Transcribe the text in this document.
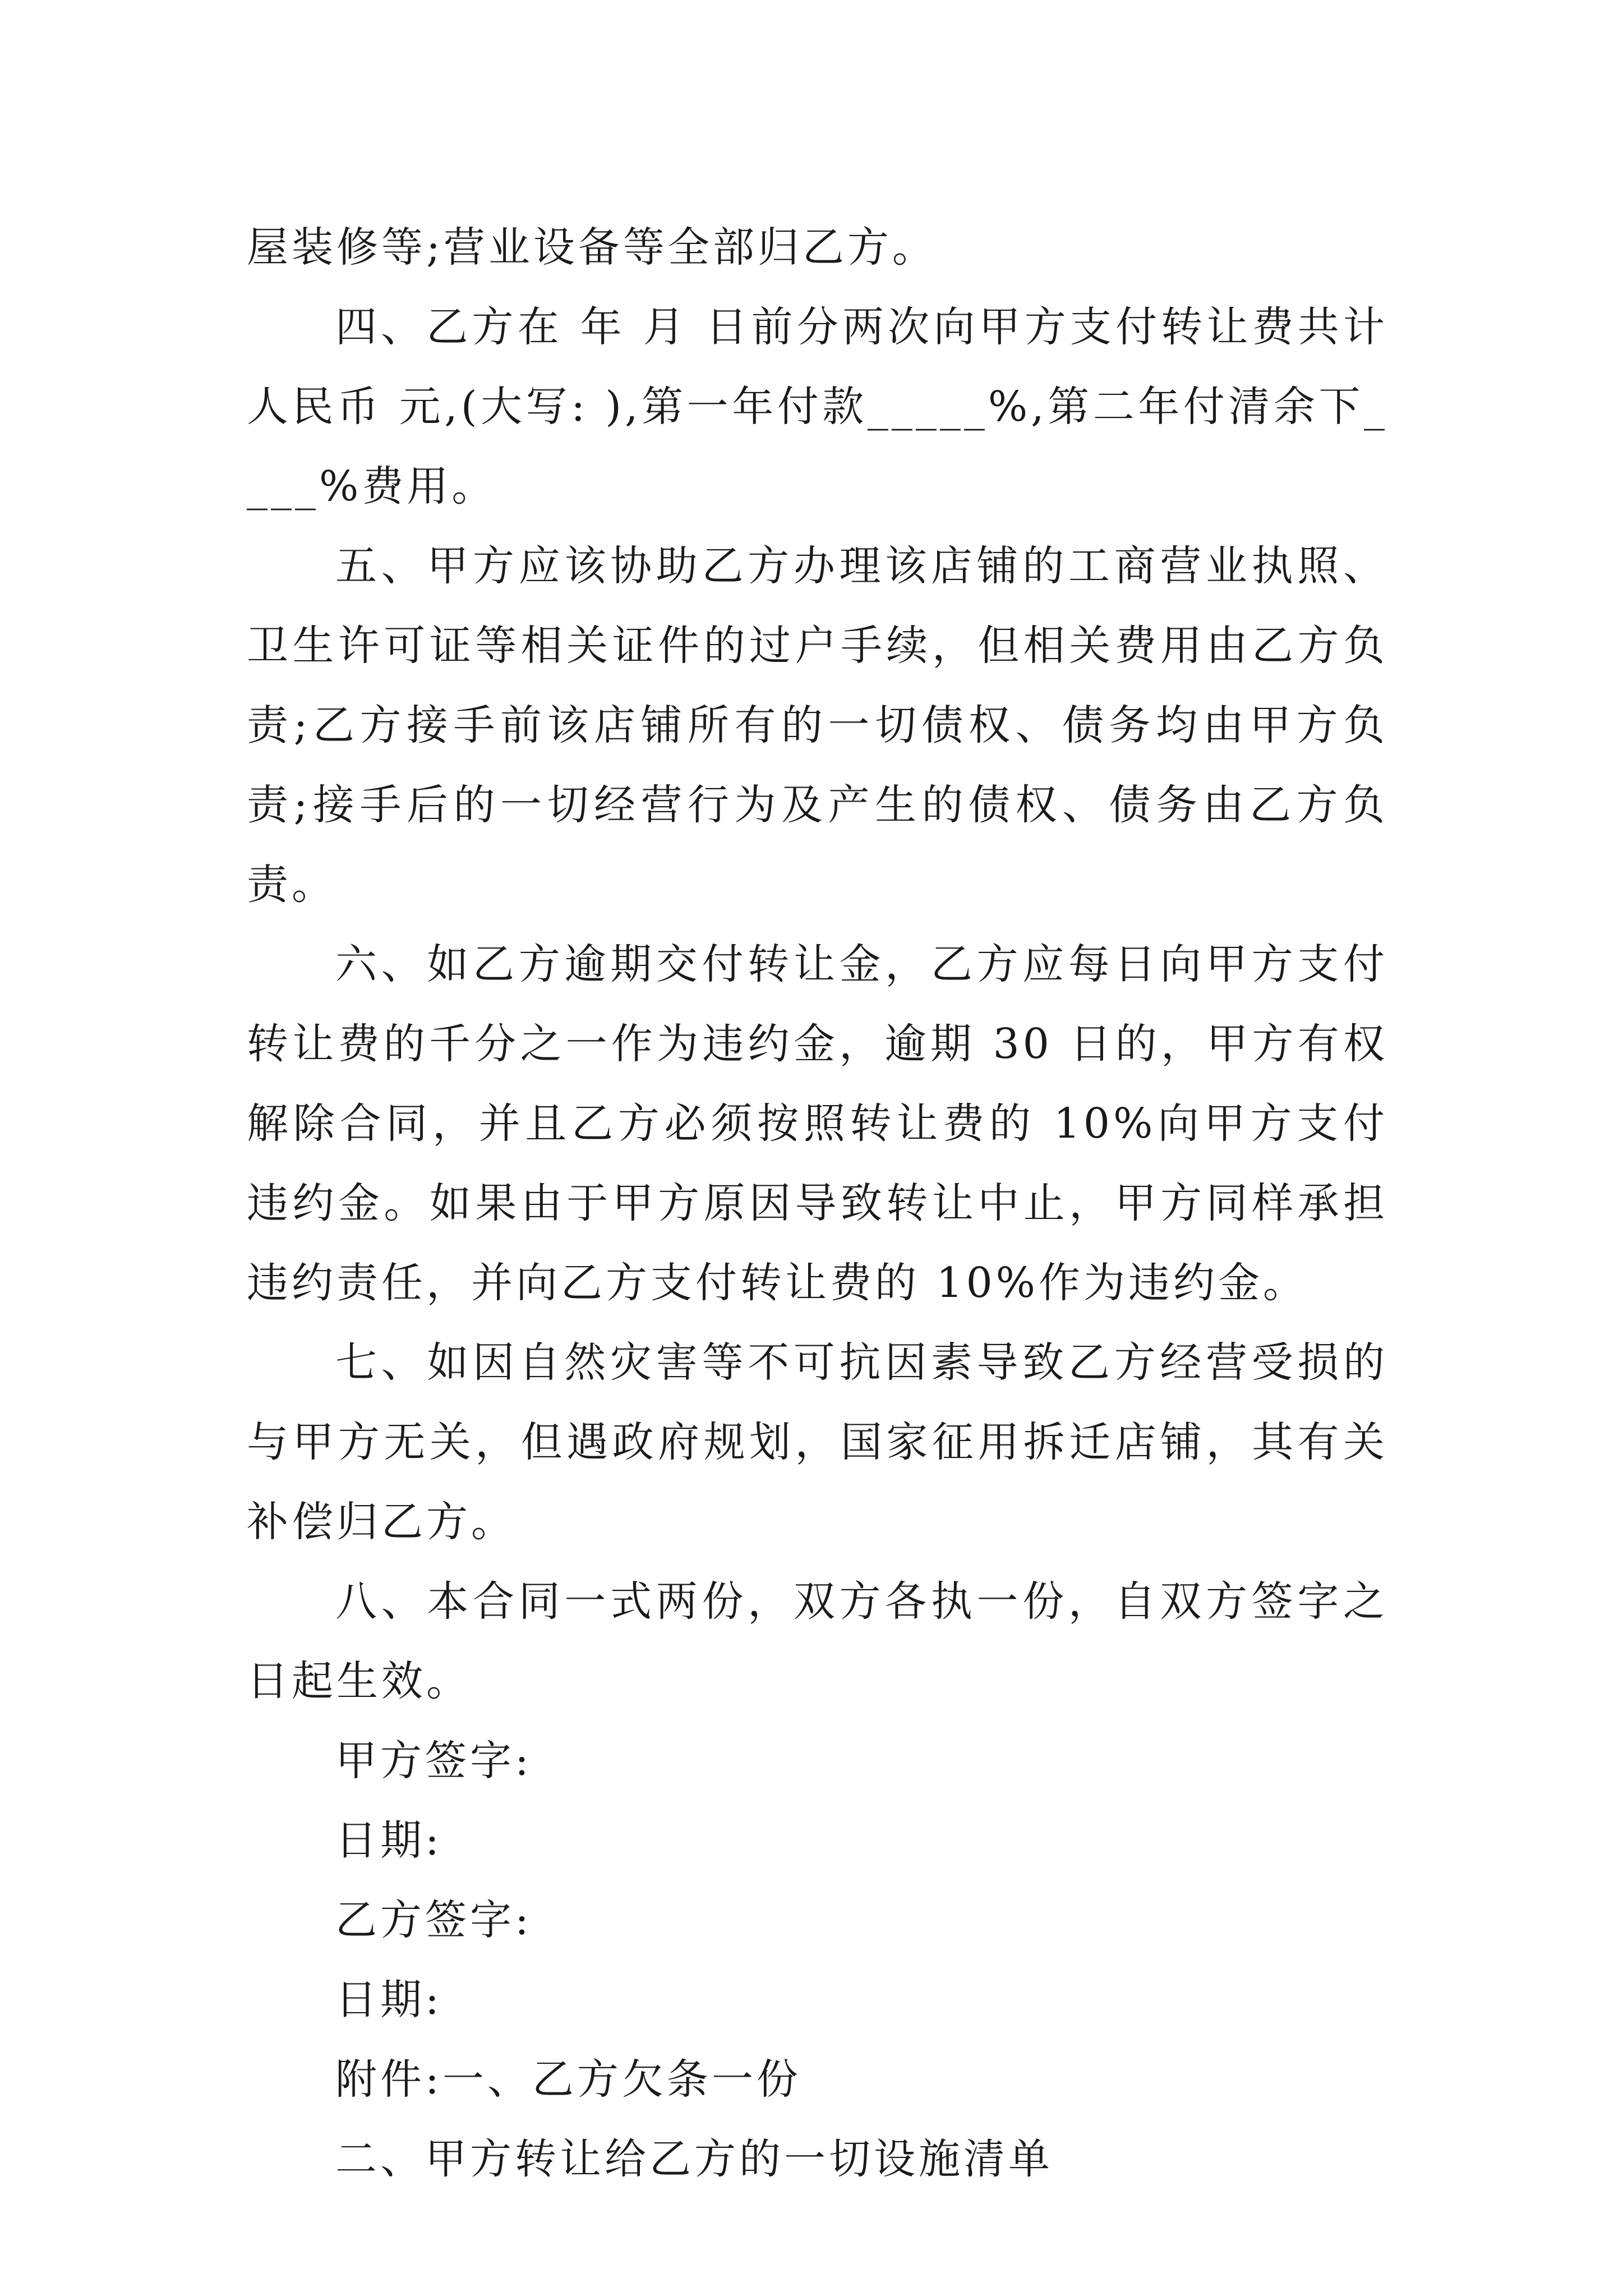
屋装修等;营业设备等全部归乙方。

四、乙方在 年 月 日前分两次向甲方支付转让费共计人民币 元,(大写: ),第一年付款_____%,第二年付清余下____%费用。

五、甲方应该协助乙方办理该店铺的工商营业执照、卫生许可证等相关证件的过户手续，但相关费用由乙方负责;乙方接手前该店铺所有的一切债权、债务均由甲方负责;接手后的一切经营行为及产生的债权、债务由乙方负责。

六、如乙方逾期交付转让金，乙方应每日向甲方支付转让费的千分之一作为违约金，逾期 30 日的，甲方有权解除合同，并且乙方必须按照转让费的 10%向甲方支付违约金。如果由于甲方原因导致转让中止，甲方同样承担违约责任，并向乙方支付转让费的 10%作为违约金。

七、如因自然灾害等不可抗因素导致乙方经营受损的与甲方无关，但遇政府规划，国家征用拆迁店铺，其有关补偿归乙方。

八、本合同一式两份，双方各执一份，自双方签字之日起生效。

甲方签字:

日期:

乙方签字:

日期:

附件:一、乙方欠条一份

二、甲方转让给乙方的一切设施清单
